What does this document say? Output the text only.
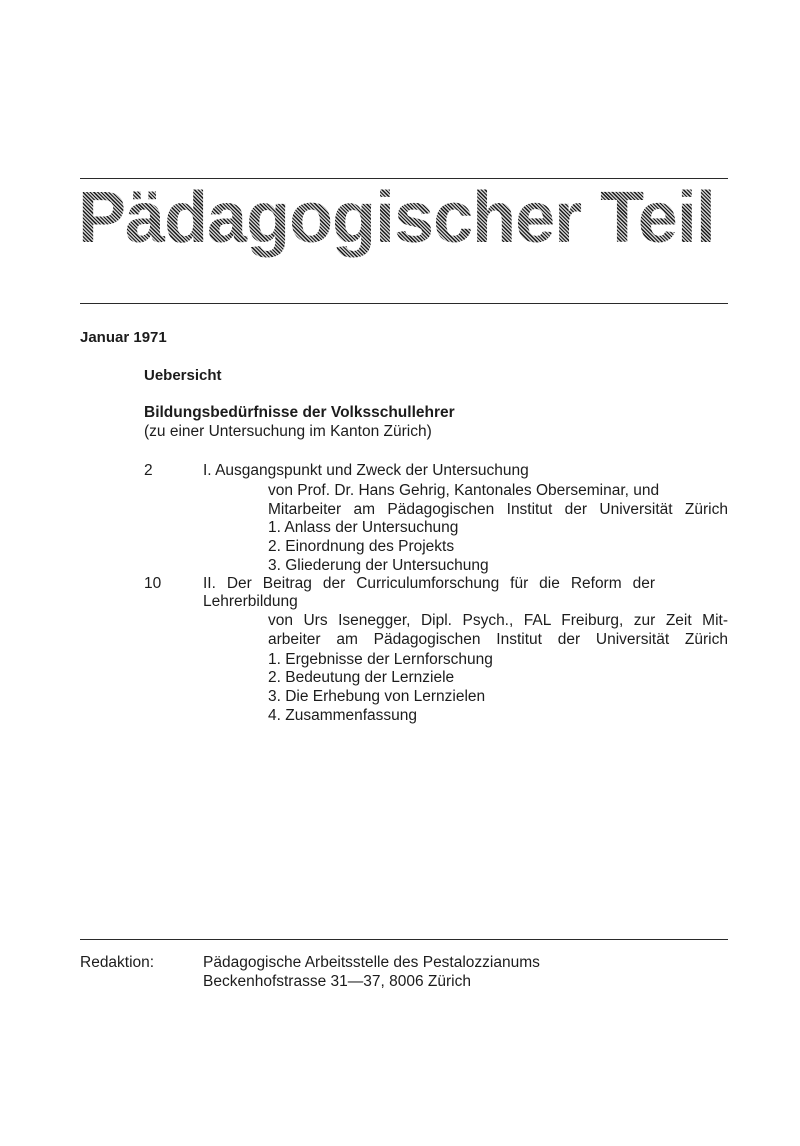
Pädagogischer Teil
Januar 1971
Uebersicht
Bildungsbedürfnisse der Volksschullehrer
(zu einer Untersuchung im Kanton Zürich)
2	I. Ausgangspunkt und Zweck der Untersuchung
von Prof. Dr. Hans Gehrig, Kantonales Oberseminar, und
Mitarbeiter am Pädagogischen Institut der Universität Zürich
1. Anlass der Untersuchung
2. Einordnung des Projekts
3. Gliederung der Untersuchung
10	II. Der Beitrag der Curriculumforschung für die Reform der
Lehrerbildung
von Urs Isenegger, Dipl. Psych., FAL Freiburg, zur Zeit Mit-
arbeiter am Pädagogischen Institut der Universität Zürich
1. Ergebnisse der Lernforschung
2. Bedeutung der Lernziele
3. Die Erhebung von Lernzielen
4. Zusammenfassung
Redaktion:	Pädagogische Arbeitsstelle des Pestalozzianums
Beckenhofstrasse 31—37, 8006 Zürich
